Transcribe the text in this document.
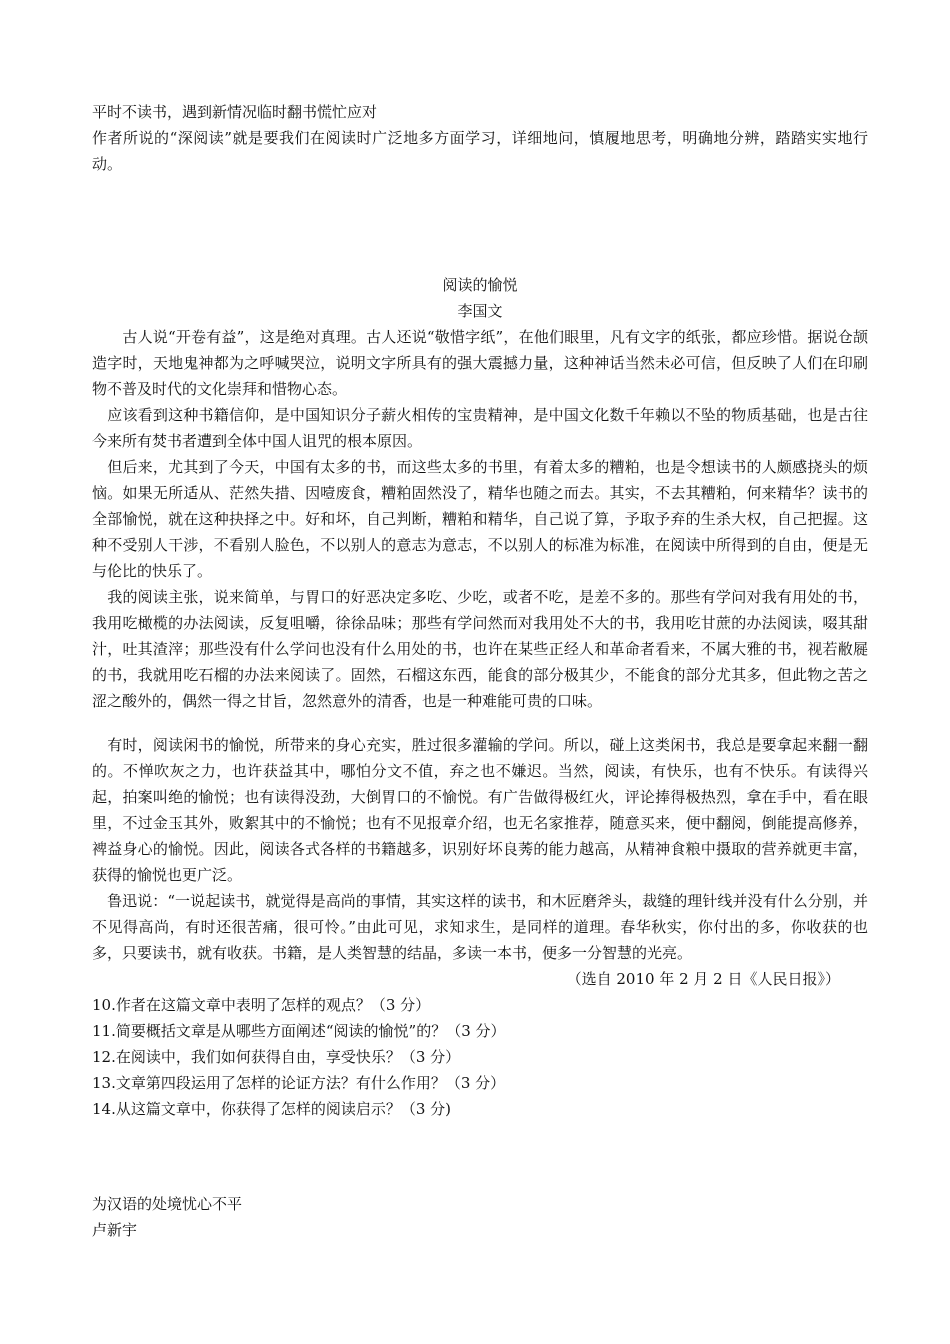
平时不读书，遇到新情况临时翻书慌忙应对

作者所说的“深阅读”就是要我们在阅读时广泛地多方面学习，详细地问，慎履地思考，明确地分辨，踏踏实实地行动。

阅读的愉悦

李国文

　　古人说“开卷有益”，这是绝对真理。古人还说“敬惜字纸”，在他们眼里，凡有文字的纸张，都应珍惜。据说仓颉造字时，天地鬼神都为之呼喊哭泣，说明文字所具有的强大震撼力量，这种神话当然未必可信，但反映了人们在印刷物不普及时代的文化崇拜和惜物心态。

　应该看到这种书籍信仰，是中国知识分子薪火相传的宝贵精神，是中国文化数千年赖以不坠的物质基础，也是古往今来所有焚书者遭到全体中国人诅咒的根本原因。

　但后来，尤其到了今天，中国有太多的书，而这些太多的书里，有着太多的糟粕，也是令想读书的人颇感挠头的烦恼。如果无所适从、茫然失措、因噎废食，糟粕固然没了，精华也随之而去。其实，不去其糟粕，何来精华？读书的全部愉悦，就在这种抉择之中。好和坏，自己判断，糟粕和精华，自己说了算，予取予弃的生杀大权，自己把握。这种不受别人干涉，不看别人脸色，不以别人的意志为意志，不以别人的标准为标准，在阅读中所得到的自由，便是无与伦比的快乐了。

　我的阅读主张，说来简单，与胃口的好恶决定多吃、少吃，或者不吃，是差不多的。那些有学问对我有用处的书，我用吃橄榄的办法阅读，反复咀嚼，徐徐品味；那些有学问然而对我用处不大的书，我用吃甘蔗的办法阅读，啜其甜汁，吐其渣滓；那些没有什么学问也没有什么用处的书，也许在某些正经人和革命者看来，不属大雅的书，视若敝屣的书，我就用吃石榴的办法来阅读了。固然，石榴这东西，能食的部分极其少，不能食的部分尤其多，但此物之苦之涩之酸外的，偶然一得之甘旨，忽然意外的清香，也是一种难能可贵的口味。

　有时，阅读闲书的愉悦，所带来的身心充实，胜过很多灌输的学问。所以，碰上这类闲书，我总是要拿起来翻一翻的。不惮吹灰之力，也许获益其中，哪怕分文不值，弃之也不嫌迟。当然，阅读，有快乐，也有不快乐。有读得兴起，拍案叫绝的愉悦；也有读得没劲，大倒胃口的不愉悦。有广告做得极红火，评论捧得极热烈，拿在手中，看在眼里，不过金玉其外，败絮其中的不愉悦；也有不见报章介绍，也无名家推荐，随意买来，便中翻阅，倒能提高修养，裨益身心的愉悦。因此，阅读各式各样的书籍越多，识别好坏良莠的能力越高，从精神食粮中摄取的营养就更丰富，获得的愉悦也更广泛。

　鲁迅说：“一说起读书，就觉得是高尚的事情，其实这样的读书，和木匠磨斧头，裁缝的理针线并没有什么分别，并不见得高尚，有时还很苦痛，很可怜。”由此可见，求知求生，是同样的道理。春华秋实，你付出的多，你收获的也多，只要读书，就有收获。书籍，是人类智慧的结晶，多读一本书，便多一分智慧的光亮。

（选自 2010 年 2 月 2 日《人民日报》）

10.作者在这篇文章中表明了怎样的观点？（3 分）

11.简要概括文章是从哪些方面阐述“阅读的愉悦”的？（3 分）

12.在阅读中，我们如何获得自由，享受快乐？（3 分）

13.文章第四段运用了怎样的论证方法？有什么作用？（3 分）

14.从这篇文章中，你获得了怎样的阅读启示？（3 分)

为汉语的处境忧心不平

卢新宇
